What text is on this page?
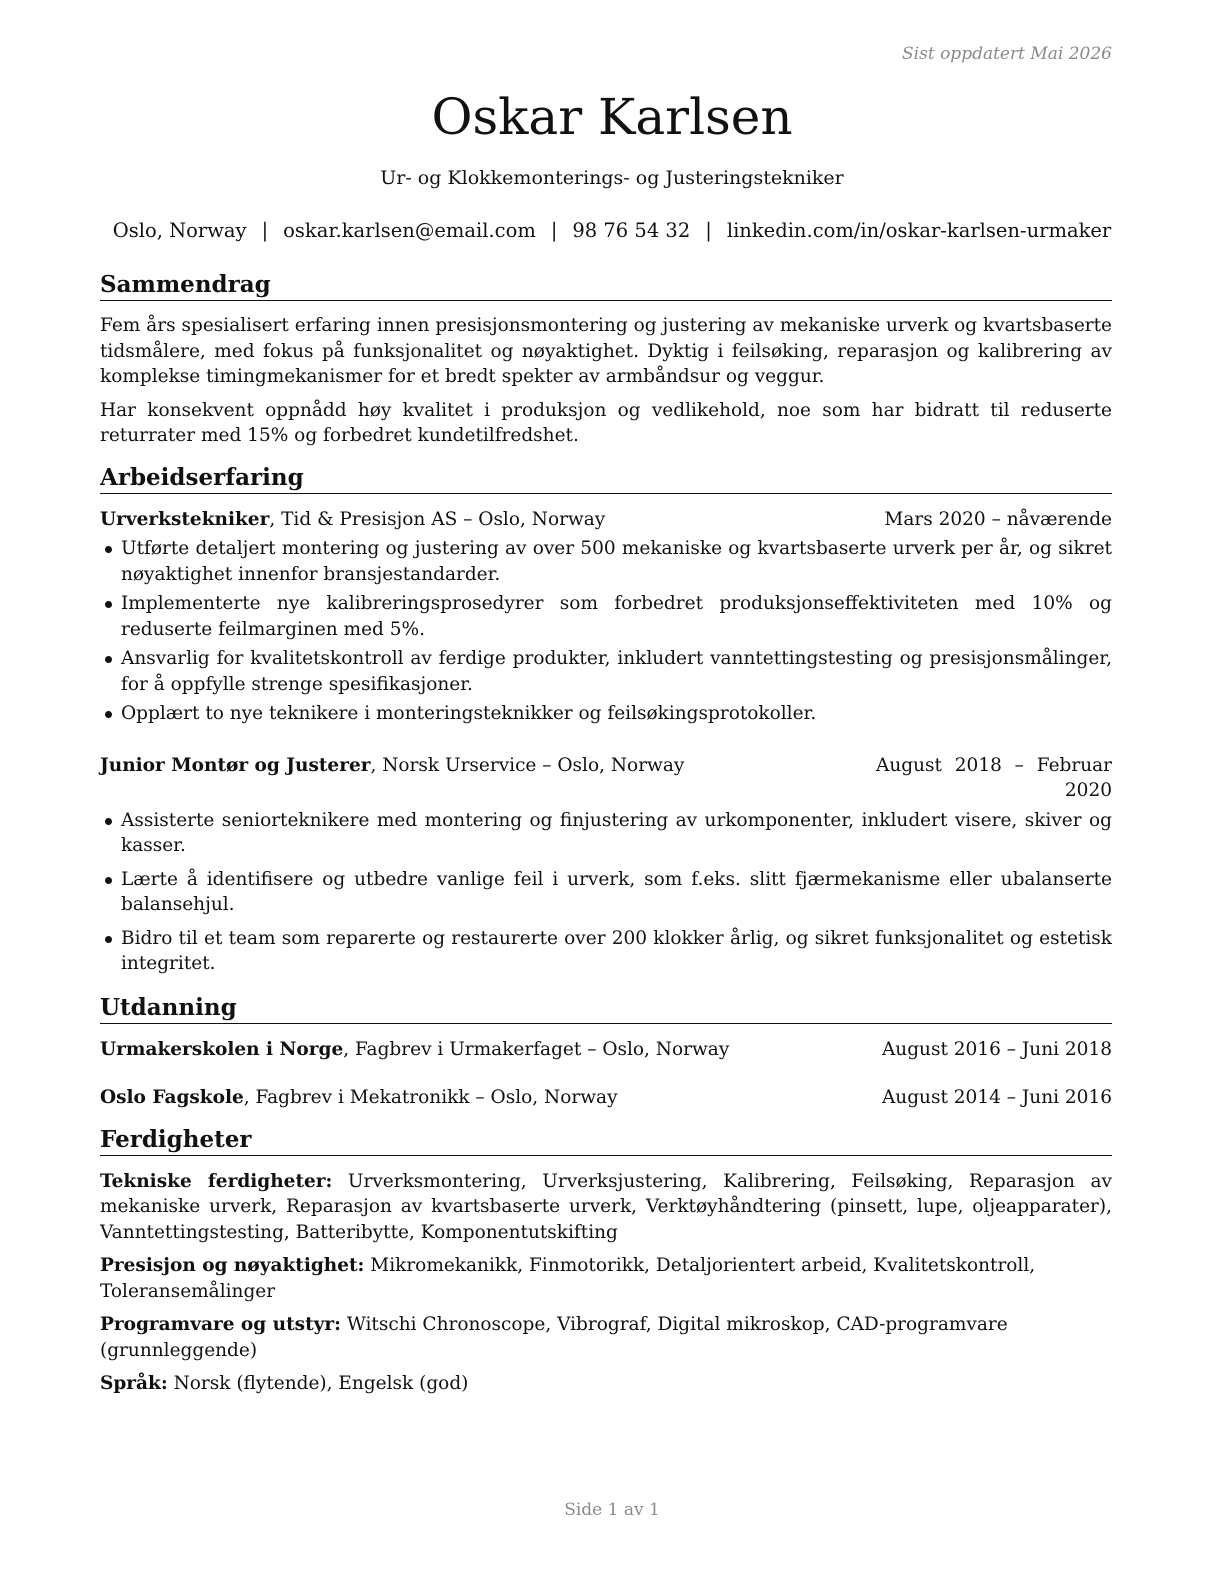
Sist oppdatert Mai 2026
Oskar Karlsen
Ur- og Klokkemonterings- og Justeringstekniker
Oslo, Norway | oskar.karlsen@email.com | 98 76 54 32 | linkedin.com/in/oskar-karlsen-urmaker
Sammendrag

Fem års spesialisert erfaring innen presisjonsmontering og justering av mekaniske urverk og kvartsbaserte tidsmålere, med fokus på funksjonalitet og nøyaktighet. Dyktig i feilsøking, reparasjon og kalibrering av komplekse timingmekanismer for et bredt spekter av armbåndsur og veggur.

Har konsekvent oppnådd høy kvalitet i produksjon og vedlikehold, noe som har bidratt til reduserte returrater med 15% og forbedret kundetilfredshet.

Arbeidserfaring
Urverkstekniker, Tid & Presisjon AS – Oslo, Norway	Mars 2020 – nåværende
Utførte detaljert montering og justering av over 500 mekaniske og kvartsbaserte urverk per år, og sikret nøyaktighet innenfor bransjestandarder.
Implementerte nye kalibreringsprosedyrer som forbedret produksjonseffektiviteten med 10% og reduserte feilmarginen med 5%.
Ansvarlig for kvalitetskontroll av ferdige produkter, inkludert vanntettingstesting og presisjonsmålinger, for å oppfylle strenge spesifikasjoner.
Opplært to nye teknikere i monteringsteknikker og feilsøkingsprotokoller.
Junior Montør og Justerer, Norsk Urservice – Oslo, Norway	August 2018 – Februar 2020
Assisterte seniorteknikere med montering og finjustering av urkomponenter, inkludert visere, skiver og kasser.
Lærte å identifisere og utbedre vanlige feil i urverk, som f.eks. slitt fjærmekanisme eller ubalanserte balansehjul.
Bidro til et team som reparerte og restaurerte over 200 klokker årlig, og sikret funksjonalitet og estetisk integritet.
Utdanning
Urmakerskolen i Norge, Fagbrev i Urmakerfaget – Oslo, Norway	August 2016 – Juni 2018
Oslo Fagskole, Fagbrev i Mekatronikk – Oslo, Norway	August 2014 – Juni 2016
Ferdigheter
Tekniske ferdigheter: Urverksmontering, Urverksjustering, Kalibrering, Feilsøking, Reparasjon av mekaniske urverk, Reparasjon av kvartsbaserte urverk, Verktøyhåndtering (pinsett, lupe, oljeapparater), Vanntettingstesting, Batteribytte, Komponentutskifting
Presisjon og nøyaktighet: Mikromekanikk, Finmotorikk, Detaljorientert arbeid, Kvalitetskontroll, Toleransemålinger
Programvare og utstyr: Witschi Chronoscope, Vibrograf, Digital mikroskop, CAD-programvare (grunnleggende)
Språk: Norsk (flytende), Engelsk (god)
Side 1 av 1
